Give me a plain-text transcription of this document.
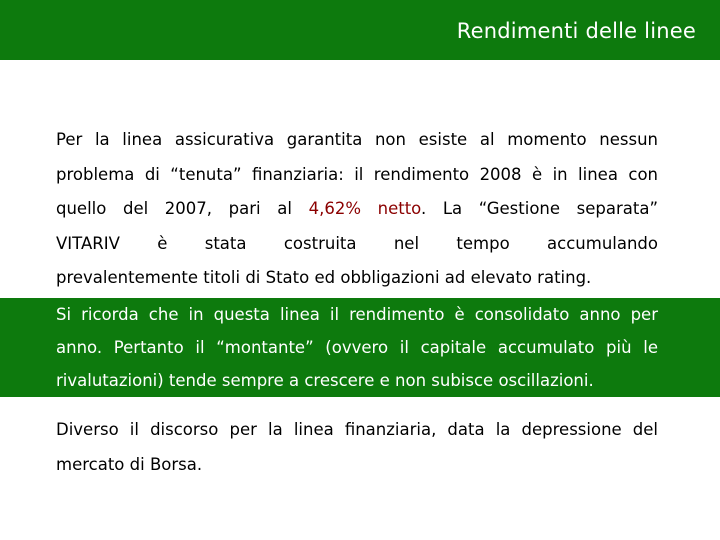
Rendimenti delle linee
Per la linea assicurativa garantita non esiste al momento nessun
problema di “tenuta” finanziaria: il rendimento 2008 è in linea con
quello del 2007, pari al 4,62% netto. La “Gestione separata”
VITARIV è stata costruita nel tempo accumulando
prevalentemente titoli di Stato ed obbligazioni ad elevato rating.
Si ricorda che in questa linea il rendimento è consolidato anno per
anno. Pertanto il “montante” (ovvero il capitale accumulato più le
rivalutazioni) tende sempre a crescere e non subisce oscillazioni.
Diverso il discorso per la linea finanziaria, data la depressione del
mercato di Borsa.
